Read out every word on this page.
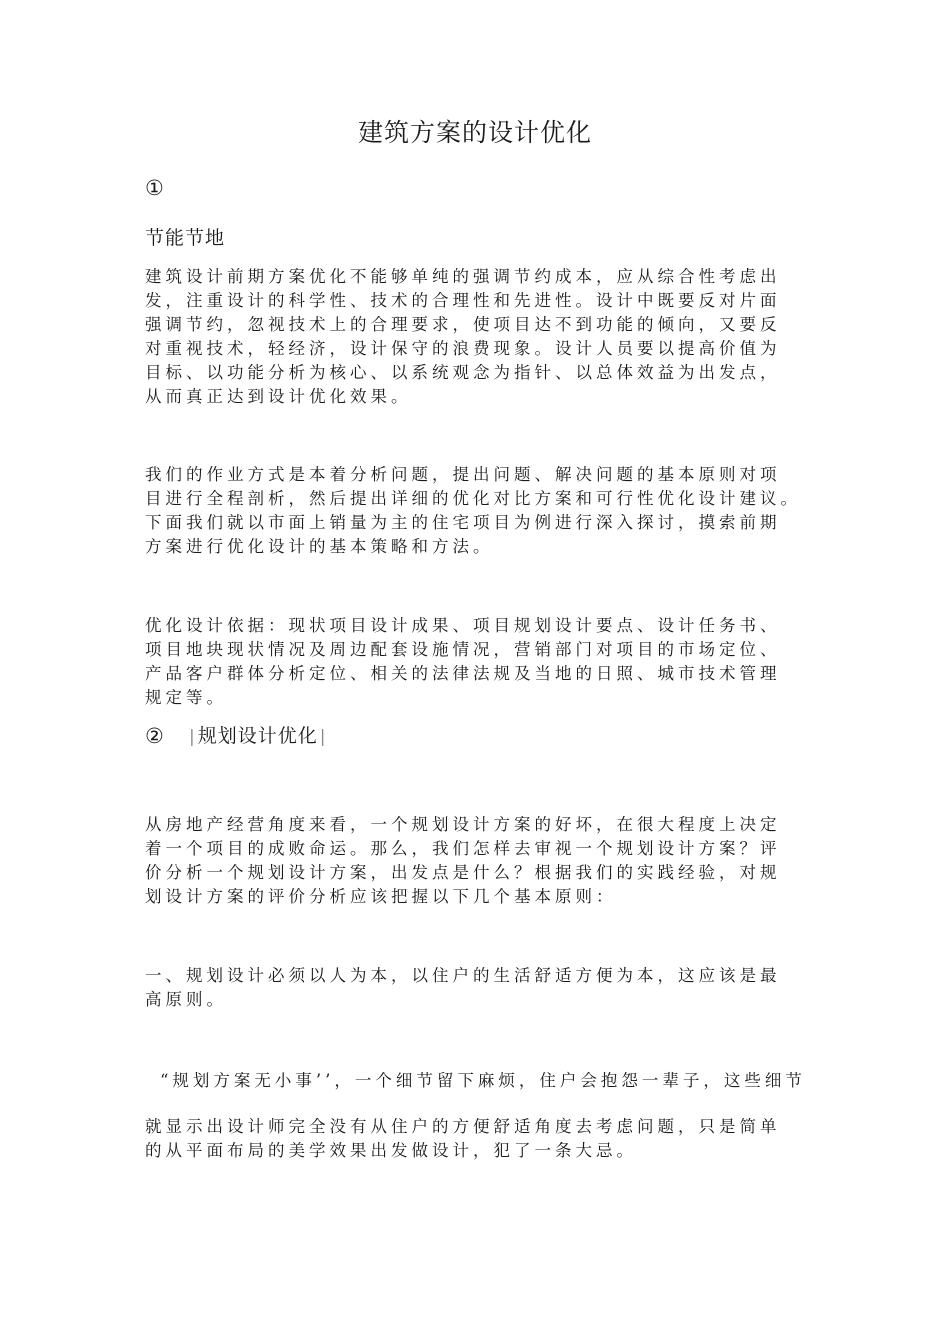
建筑方案的设计优化
①
节能节地

建筑设计前期方案优化不能够单纯的强调节约成本，应从综合性考虑出
发，注重设计的科学性、技术的合理性和先进性。设计中既要反对片面
强调节约，忽视技术上的合理要求，使项目达不到功能的倾向，又要反
对重视技术，轻经济，设计保守的浪费现象。设计人员要以提高价值为
目标、以功能分析为核心、以系统观念为指针、以总体效益为出发点，
从而真正达到设计优化效果。

我们的作业方式是本着分析问题，提出问题、解决问题的基本原则对项
目进行全程剖析，然后提出详细的优化对比方案和可行性优化设计建议。
下面我们就以市面上销量为主的住宅项目为例进行深入探讨，摸索前期
方案进行优化设计的基本策略和方法。

优化设计依据：现状项目设计成果、项目规划设计要点、设计任务书、
项目地块现状情况及周边配套设施情况，营销部门对项目的市场定位、
产品客户群体分析定位、相关的法律法规及当地的日照、城市技术管理
规定等。

② | 规划设计优化 |

从房地产经营角度来看，一个规划设计方案的好坏，在很大程度上决定
着一个项目的成败命运。那么，我们怎样去审视一个规划设计方案？评
价分析一个规划设计方案，出发点是什么？根据我们的实践经验，对规
划设计方案的评价分析应该把握以下几个基本原则：

一、规划设计必须以人为本，以住户的生活舒适方便为本，这应该是最
高原则。

“规划方案无小事’’，一个细节留下麻烦，住户会抱怨一辈子，这些细节

就显示出设计师完全没有从住户的方便舒适角度去考虑问题，只是简单
的从平面布局的美学效果出发做设计，犯了一条大忌。
